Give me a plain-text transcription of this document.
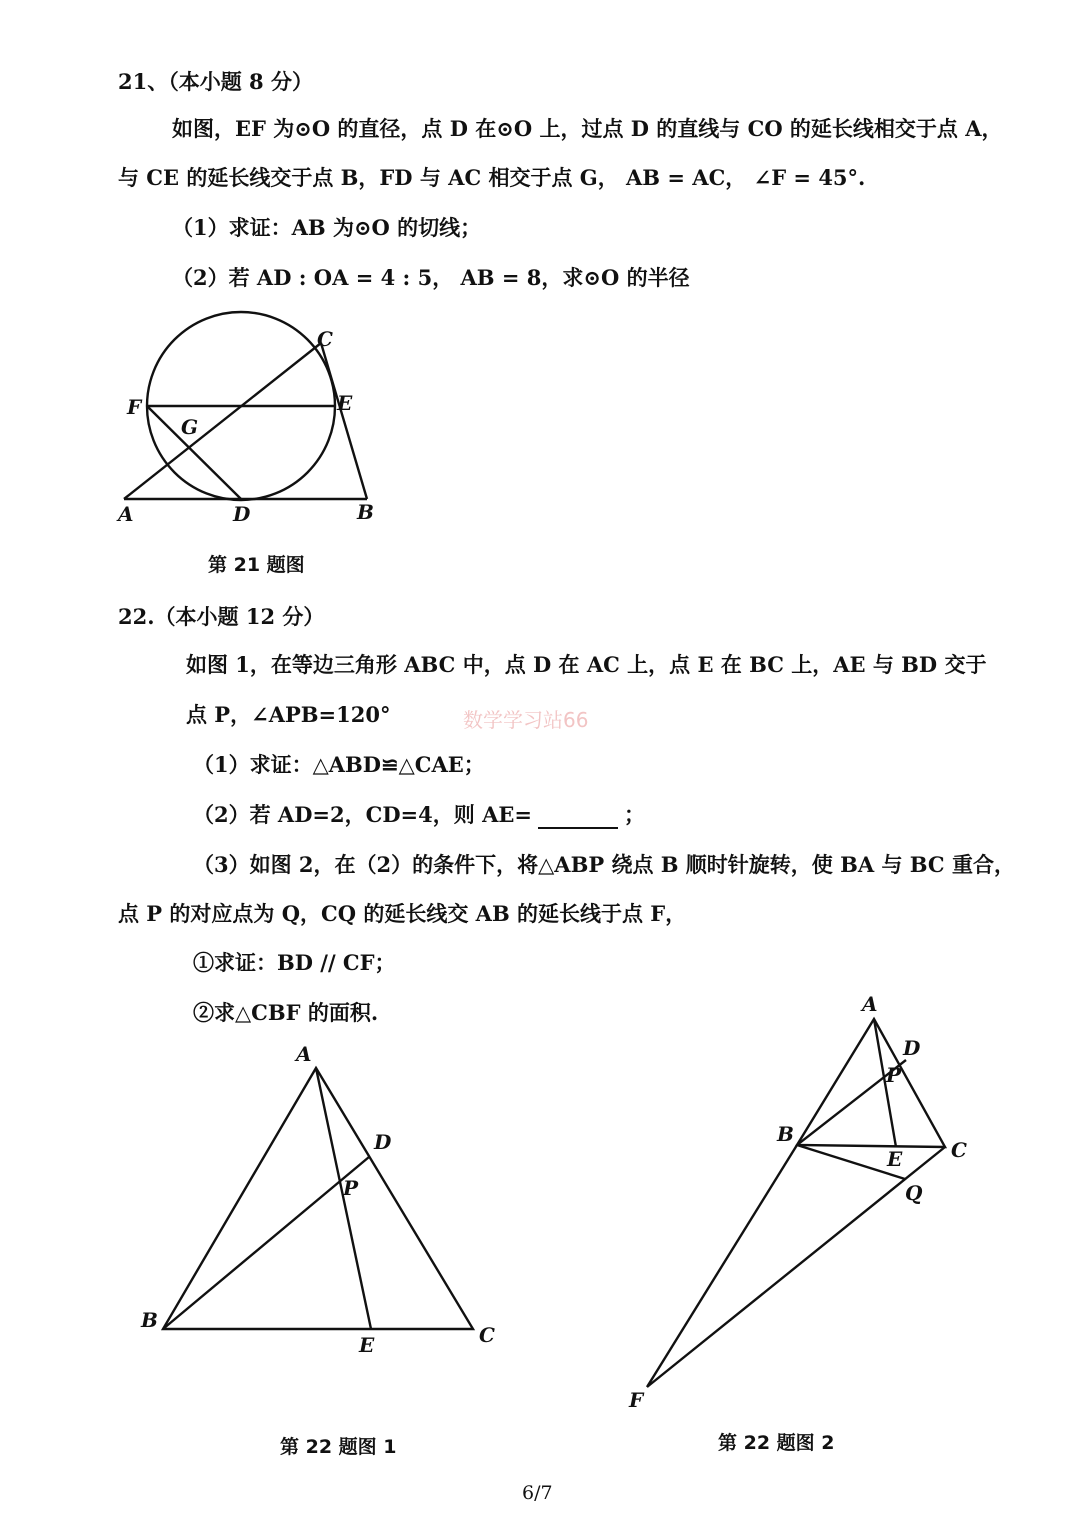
21、（本小题 8 分）
如图，EF 为⊙O 的直径，点 D 在⊙O 上，过点 D 的直线与 CO 的延长线相交于点 A，
与 CE 的延长线交于点 B，FD 与 AC 相交于点 G， AB = AC， ∠F = 45°.
（1）求证：AB 为⊙O 的切线；
（2）若 AD : OA = 4 : 5， AB = 8，求⊙O 的半径
C
E
F
G
A	D	B
第 21 题图
22.（本小题 12 分）
如图 1，在等边三角形 ABC 中，点 D 在 AC 上，点 E 在 BC 上，AE 与 BD 交于
点 P，∠APB=120°	数学学习站66
（1）求证：△ABD≌△CAE；
（2）若 AD=2，CD=4，则 AE=	；
（3）如图 2，在（2）的条件下，将△ABP 绕点 B 顺时针旋转，使 BA 与 BC 重合，
点 P 的对应点为 Q，CQ 的延长线交 AB 的延长线于点 F，
①求证：BD // CF；
②求△CBF 的面积.
A
D
P
B
E	C
第 22 题图 1
A
D
P
B
E C
Q
F
第 22 题图 2
6/7
